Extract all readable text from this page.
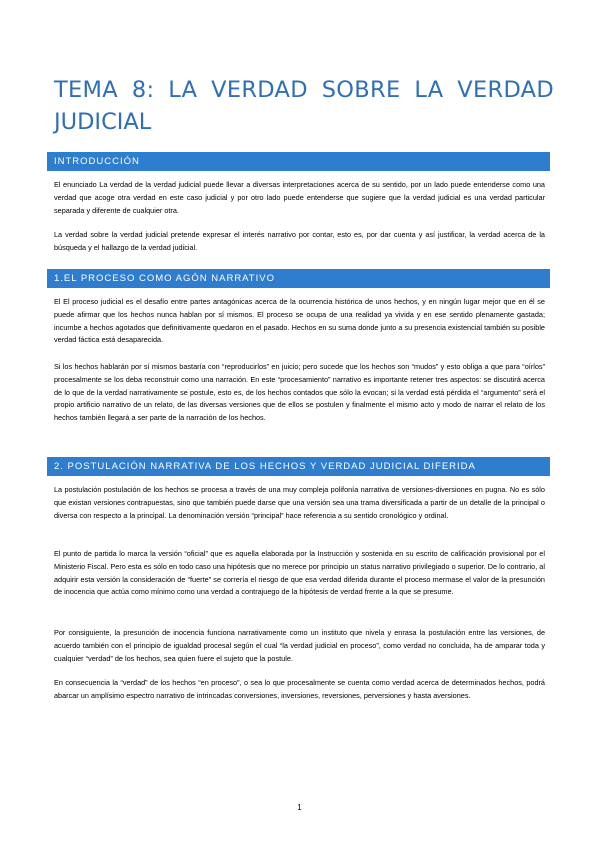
TEMA 8: LA VERDAD SOBRE LA VERDAD
JUDICIAL
INTRODUCCIÓN

El enunciado La verdad de la verdad judicial puede llevar a diversas interpretaciones acerca de su sentido, por un lado puede entenderse como una verdad que acoge otra verdad en este caso judicial y por otro lado puede entenderse que sugiere que la verdad judicial es una verdad particular separada y diferente de cualquier otra.

La verdad sobre la verdad judicial pretende expresar el interés narrativo por contar, esto es, por dar cuenta y así justificar, la verdad acerca de la búsqueda y el hallazgo de la verdad judicial.

1.EL PROCESO COMO AGÓN NARRATIVO

El El proceso judicial es el desafío entre partes antagónicas acerca de la ocurrencia histórica de unos hechos, y en ningún lugar mejor que en él se puede afirmar que los hechos nunca hablan por sí mismos. El proceso se ocupa de una realidad ya vivida y en ese sentido plenamente gastada; incumbe a hechos agotados que definitivamente quedaron en el pasado. Hechos en su suma donde junto a su presencia existencial también su posible verdad fáctica está desaparecida.

Si los hechos hablarán por sí mismos bastaría con “reproducirlos” en juicio; pero sucede que los hechos son “mudos” y esto obliga a que para “oírlos” procesalmente se los deba reconstruir como una narración. En este “procesamiento” narrativo es importante retener tres aspectos: se discutirá acerca de lo que de la verdad narrativamente se postule, esto es, de los hechos contados que sólo la evocan; si la verdad está pérdida el “argumento” será el propio artificio narrativo de un relato, de las diversas versiones que de ellos se postulen y finalmente el mismo acto y modo de narrar el relato de los hechos también llegará a ser parte de la narración de los hechos.

2. POSTULACIÓN NARRATIVA DE LOS HECHOS Y VERDAD JUDICIAL DIFERIDA

La postulación postulación de los hechos se procesa a través de una muy compleja polifonía narrativa de versiones-diversiones en pugna. No es sólo que existan versiones contrapuestas, sino que también puede darse que una versión sea una trama diversificada a partir de un detalle de la principal o diversa con respecto a la principal. La denominación versión “principal” hace referencia a su sentido cronológico y ordinal.

El punto de partida lo marca la versión “oficial” que es aquella elaborada por la Instrucción y sostenida en su escrito de calificación provisional por el Ministerio Fiscal. Pero esta es sólo en todo caso una hipótesis que no merece por principio un status narrativo privilegiado o superior. De lo contrario, al adquirir esta versión la consideración de “fuerte” se correría el riesgo de que esa verdad diferida durante el proceso mermase el valor de la presunción de inocencia que actúa como mínimo como una verdad a contrajuego de la hipótesis de verdad frente a la que se presume.

Por consiguiente, la presunción de inocencia funciona narrativamente como un instituto que nivela y enrasa la postulación entre las versiones, de acuerdo también con el principio de igualdad procesal según el cual “la verdad judicial en proceso”, como verdad no concluida, ha de amparar toda y cualquier “verdad” de los hechos, sea quien fuere el sujeto que la postule.

En consecuencia la “verdad” de los hechos “en proceso”, o sea lo que procesalmente se cuenta como verdad acerca de determinados hechos, podrá abarcar un amplísimo espectro narrativo de intrincadas conversiones, inversiones, reversiones, perversiones y hasta aversiones.

1
